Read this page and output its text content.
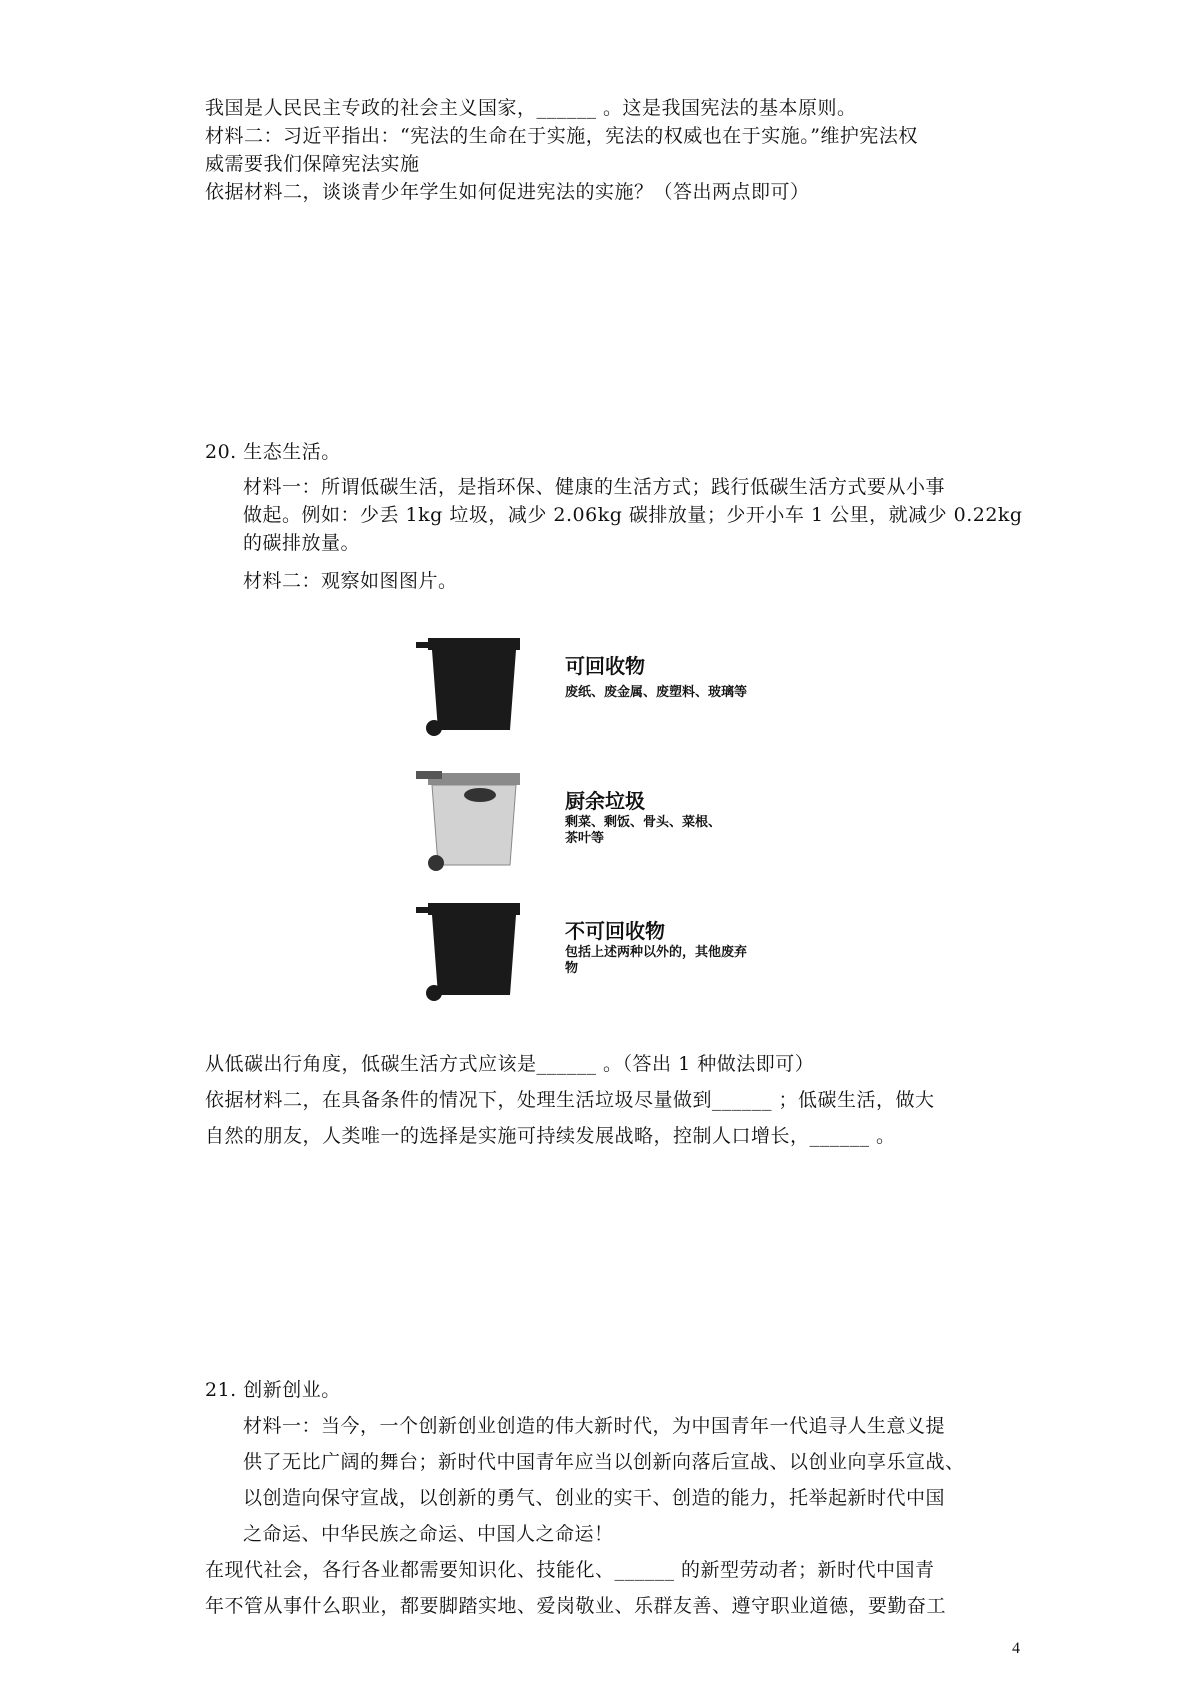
我国是人民民主专政的社会主义国家，______ 。这是我国宪法的基本原则。
材料二：习近平指出：“宪法的生命在于实施，宪法的权威也在于实施。”维护宪法权
威需要我们保障宪法实施
依据材料二，谈谈青少年学生如何促进宪法的实施？（答出两点即可）
20. 生态生活。
材料一：所谓低碳生活，是指环保、健康的生活方式；践行低碳生活方式要从小事
做起。例如：少丢 1kg 垃圾，减少 2.06kg 碳排放量；少开小车 1 公里，就减少 0.22kg
的碳排放量。
材料二：观察如图图片。
可回收物
废纸、废金属、废塑料、玻璃等
厨余垃圾
剩菜、剩饭、骨头、菜根、
茶叶等
不可回收物
包括上述两种以外的，其他废弃
物
从低碳出行角度，低碳生活方式应该是______ 。（答出 1 种做法即可）
依据材料二，在具备条件的情况下，处理生活垃圾尽量做到______ ；低碳生活，做大
自然的朋友，人类唯一的选择是实施可持续发展战略，控制人口增长，______ 。
21. 创新创业。
材料一：当今，一个创新创业创造的伟大新时代，为中国青年一代追寻人生意义提
供了无比广阔的舞台；新时代中国青年应当以创新向落后宣战、以创业向享乐宣战、
以创造向保守宣战，以创新的勇气、创业的实干、创造的能力，托举起新时代中国
之命运、中华民族之命运、中国人之命运！
在现代社会，各行各业都需要知识化、技能化、______ 的新型劳动者；新时代中国青
年不管从事什么职业，都要脚踏实地、爱岗敬业、乐群友善、遵守职业道德，要勤奋工
4
